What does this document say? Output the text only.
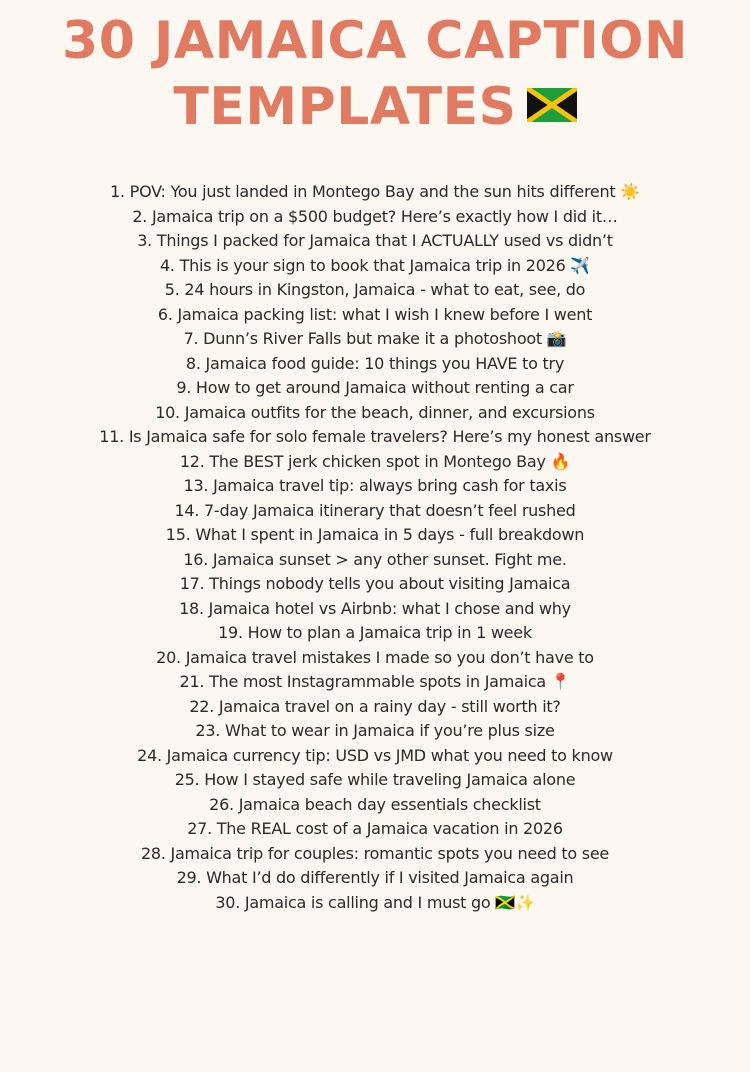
30 JAMAICA CAPTION
TEMPLATES
1. POV: You just landed in Montego Bay and the sun hits different ☀️
2. Jamaica trip on a $500 budget? Here’s exactly how I did it…
3. Things I packed for Jamaica that I ACTUALLY used vs didn’t
4. This is your sign to book that Jamaica trip in 2026 ✈️
5. 24 hours in Kingston, Jamaica - what to eat, see, do
6. Jamaica packing list: what I wish I knew before I went
7. Dunn’s River Falls but make it a photoshoot 📸
8. Jamaica food guide: 10 things you HAVE to try
9. How to get around Jamaica without renting a car
10. Jamaica outfits for the beach, dinner, and excursions
11. Is Jamaica safe for solo female travelers? Here’s my honest answer
12. The BEST jerk chicken spot in Montego Bay 🔥
13. Jamaica travel tip: always bring cash for taxis
14. 7-day Jamaica itinerary that doesn’t feel rushed
15. What I spent in Jamaica in 5 days - full breakdown
16. Jamaica sunset > any other sunset. Fight me.
17. Things nobody tells you about visiting Jamaica
18. Jamaica hotel vs Airbnb: what I chose and why
19. How to plan a Jamaica trip in 1 week
20. Jamaica travel mistakes I made so you don’t have to
21. The most Instagrammable spots in Jamaica 📍
22. Jamaica travel on a rainy day - still worth it?
23. What to wear in Jamaica if you’re plus size
24. Jamaica currency tip: USD vs JMD what you need to know
25. How I stayed safe while traveling Jamaica alone
26. Jamaica beach day essentials checklist
27. The REAL cost of a Jamaica vacation in 2026
28. Jamaica trip for couples: romantic spots you need to see
29. What I’d do differently if I visited Jamaica again
30. Jamaica is calling and I must go 🇯🇲✨
